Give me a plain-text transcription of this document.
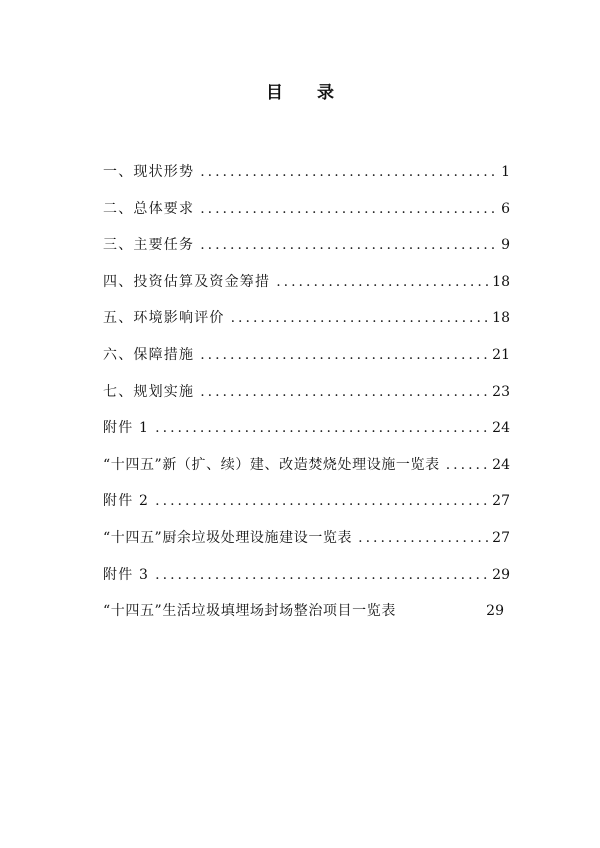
目 录
一、现状形势 .....	1
二、总体要求 .....	6
三、主要任务 .....	9
四、投资估算及资金筹措 .....	18
五、环境影响评价 .....	18
六、保障措施 .....	21
七、规划实施 .....	23
附件 1 .....	24
“十四五”新（扩、续）建、改造焚烧处理设施一览表 .....	24
附件 2 .....	27
“十四五”厨余垃圾处理设施建设一览表 .....	27
附件 3 .....	29
“十四五”生活垃圾填埋场封场整治项目一览表	29
